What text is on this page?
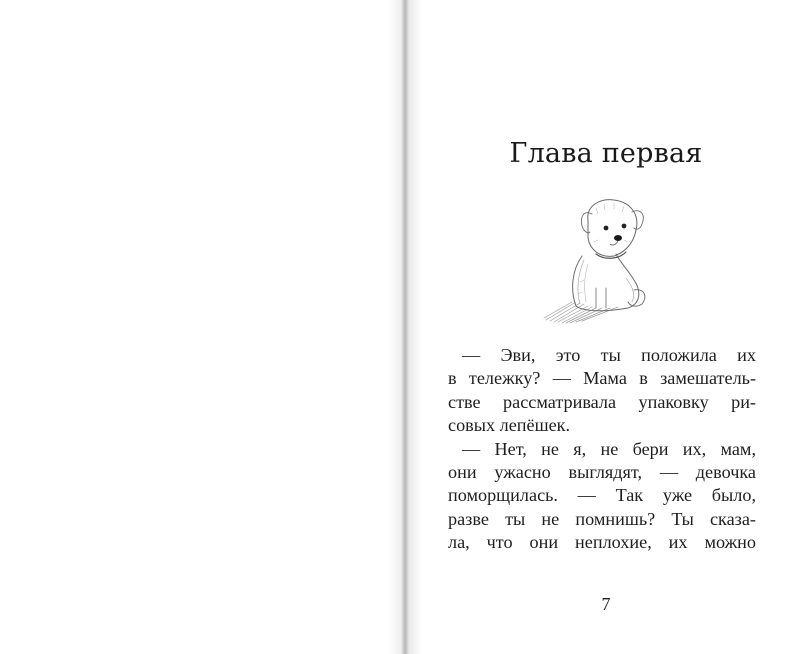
Глава первая
— Эви, это ты положила их
в тележку? — Мама в замешатель-
стве рассматривала упаковку ри-
совых лепёшек.
— Нет, не я, не бери их, мам,
они ужасно выглядят, — девочка
поморщилась. — Так уже было,
разве ты не помнишь? Ты сказа-
ла, что они неплохие, их можно
7
